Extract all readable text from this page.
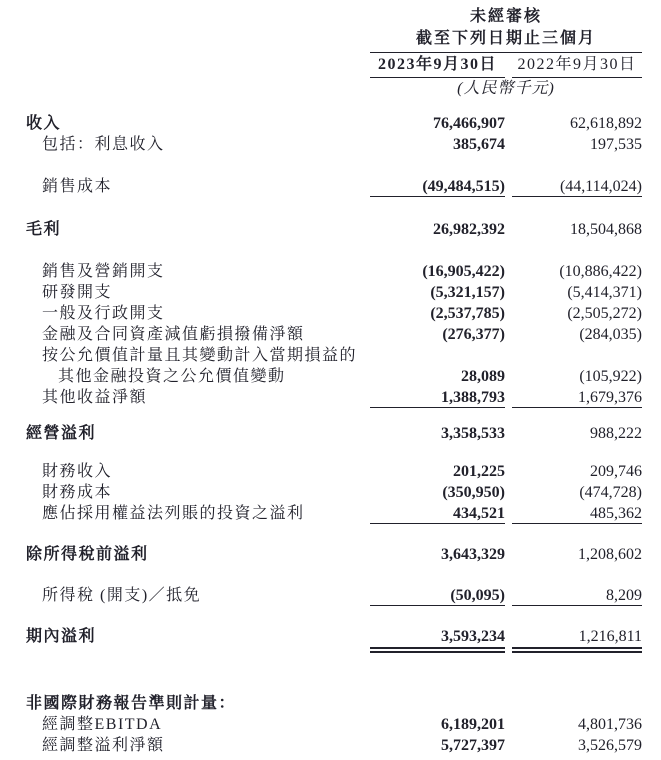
未經審核
截至下列日期止三個月
2023年9月30日	2022年9月30日
(人民幣千元)
收入	76,466,907	62,618,892
包括：利息收入	385,674	197,535
銷售成本	(49,484,515)	(44,114,024)
毛利	26,982,392	18,504,868
銷售及營銷開支	(16,905,422)	(10,886,422)
研發開支	(5,321,157)	(5,414,371)
一般及行政開支	(2,537,785)	(2,505,272)
金融及合同資產減值虧損撥備淨額	(276,377)	(284,035)
按公允價值計量且其變動計入當期損益的
其他金融投資之公允價值變動	28,089	(105,922)
其他收益淨額	1,388,793	1,679,376
經營溢利	3,358,533	988,222
財務收入	201,225	209,746
財務成本	(350,950)	(474,728)
應佔採用權益法列賬的投資之溢利	434,521	485,362
除所得稅前溢利	3,643,329	1,208,602
所得稅 (開支)／抵免	(50,095)	8,209
期內溢利	3,593,234	1,216,811
非國際財務報告準則計量：
經調整EBITDA	6,189,201	4,801,736
經調整溢利淨額	5,727,397	3,526,579
